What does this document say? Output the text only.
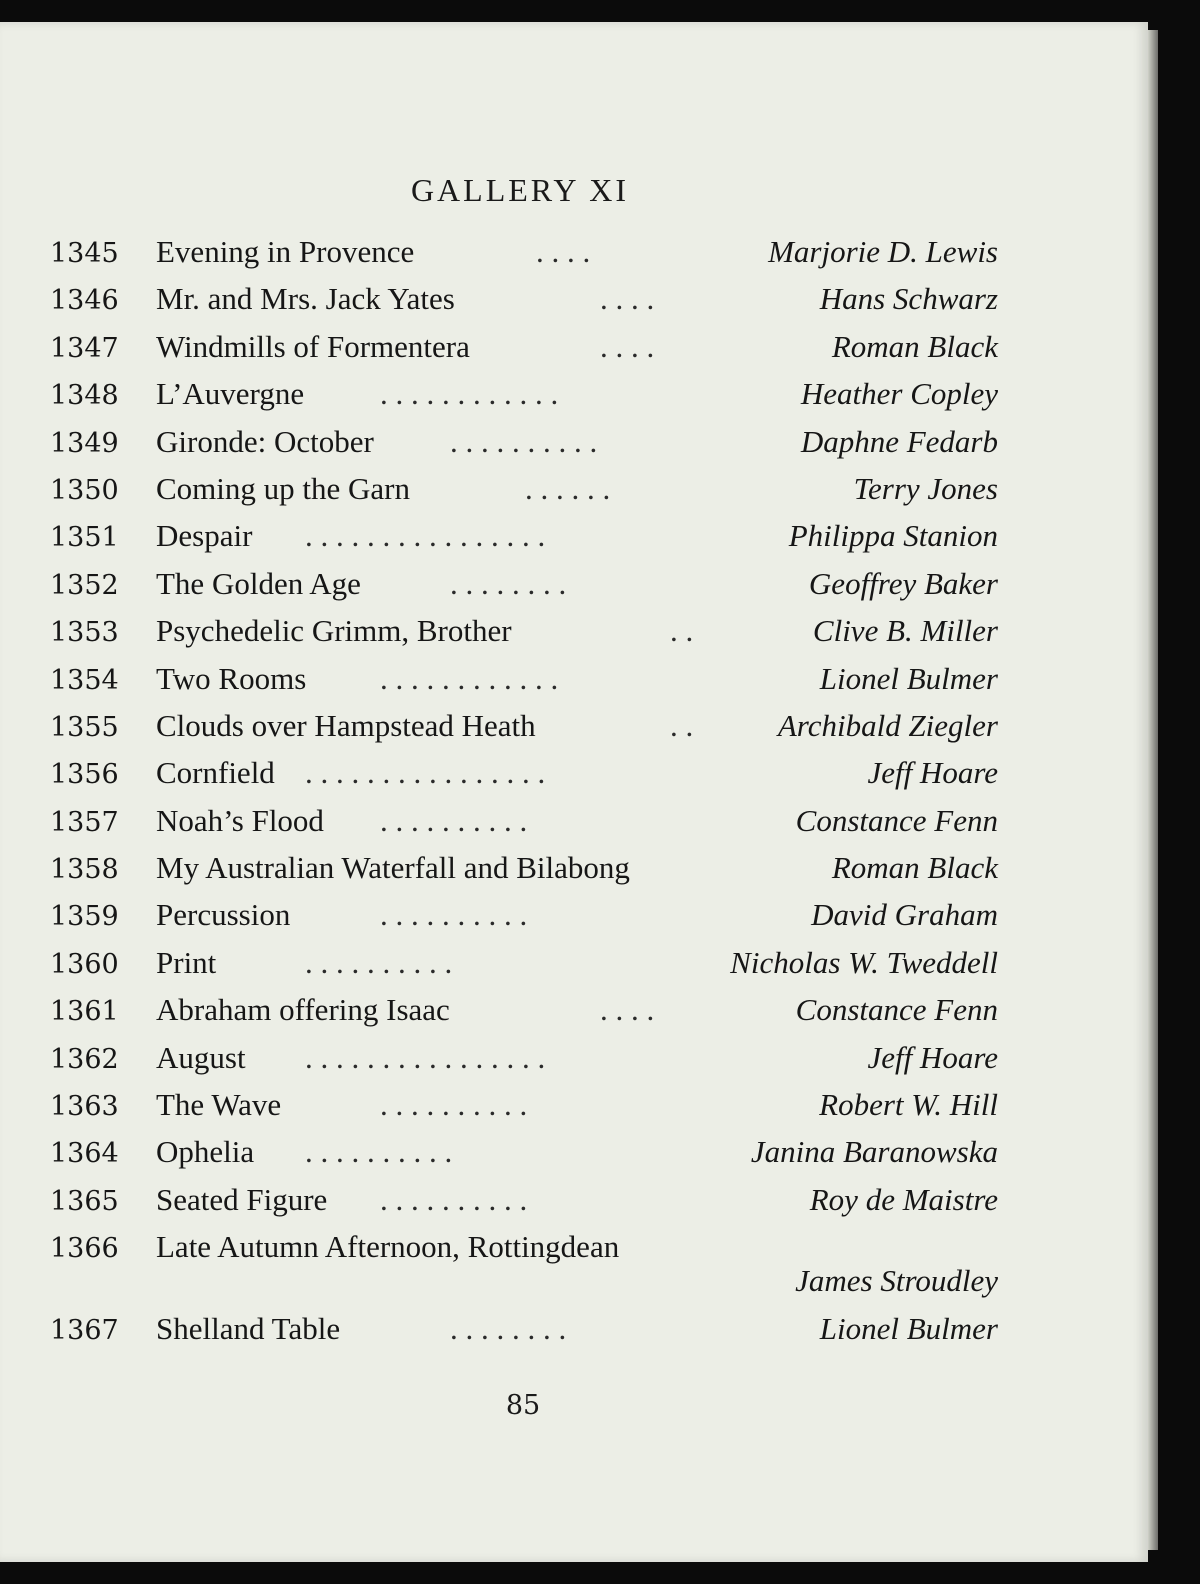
GALLERY XI
1345 Evening in Provence	. . . .	Marjorie D. Lewis
1346 Mr. and Mrs. Jack Yates	. . . .	Hans Schwarz
1347 Windmills of Formentera	. . . .	Roman Black
1348 L’Auvergne . . . . . . . . . . . .	Heather Copley
1349 Gironde: October . . . . . . . . . .	Daphne Fedarb
1350 Coming up the Garn	. . . . . .	Terry Jones
1351 Despair . . . . . . . . . . . . . . . .	Philippa Stanion
1352 The Golden Age	. . . . . . . .	Geoffrey Baker
1353 Psychedelic Grimm, Brother	. .	Clive B. Miller
1354 Two Rooms . . . . . . . . . . . .	Lionel Bulmer
1355 Clouds over Hampstead Heath	. .	Archibald Ziegler
1356 Cornfield . . . . . . . . . . . . . . . .	Jeff Hoare
1357 Noah’s Flood . . . . . . . . . .	Constance Fenn
1358 My Australian Waterfall and Bilabong	Roman Black
1359 Percussion	. . . . . . . . . .	David Graham
1360 Print	. . . . . . . . . .	Nicholas W. Tweddell
1361 Abraham offering Isaac	. . . .	Constance Fenn
1362 August . . . . . . . . . . . . . . . .	Jeff Hoare
1363 The Wave	. . . . . . . . . .	Robert W. Hill
1364 Ophelia . . . . . . . . . .	Janina Baranowska
1365 Seated Figure . . . . . . . . . .	Roy de Maistre
1366 Late Autumn Afternoon, Rottingdean
James Stroudley
1367 Shelland Table	. . . . . . . .	Lionel Bulmer
85
